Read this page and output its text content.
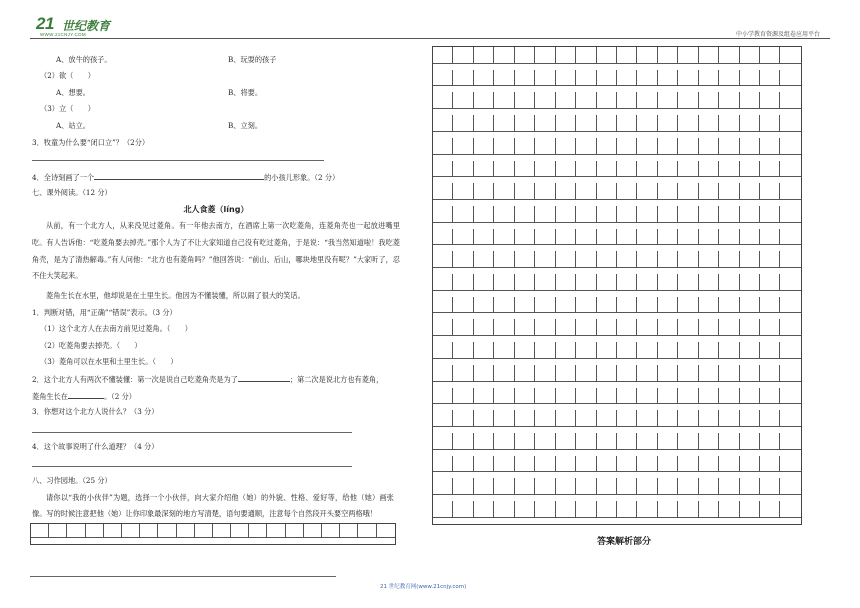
21 世纪教育
WWW.21CNJY.COM	中小学教育资源及组卷应用平台
A、放牛的孩子。	B、玩耍的孩子
（2）欲（　　）
A、想要。	B、将要。
（3）立（　　）
A、站立。	B、立刻。
3．牧童为什么要“闭口立”？（2分）
4．全诗刻画了一个	的小孩儿形象。（2 分）
七、课外阅读。（12 分）
北人食菱（líng）
从前，有一个北方人，从来没见过菱角。有一年他去南方，在酒席上第一次吃菱角，连菱角壳也一起放进嘴里吃。有人告诉他：“吃菱角要去掉壳。”那个人为了不让大家知道自己没有吃过菱角，于是说：“我当然知道啦！我吃菱角壳，是为了清热解毒。”有人问他：“北方也有菱角吗？”他回答说：“前山、后山，哪块地里没有呢？”大家听了，忍不住大笑起来。
菱角生长在水里，他却说是在土里生长。他因为不懂装懂，所以闹了很大的笑话。
1．判断对错，用“正确”“错误”表示。（3 分）
（1）这个北方人在去南方前见过菱角。（　　）
（2）吃菱角要去掉壳。（　　）
（3）菱角可以在水里和土里生长。（　　）
2．这个北方人有两次不懂装懂：第一次是说自己吃菱角壳是为了	；第二次是说北方也有菱角，
菱角生长在	。（2 分）
3．你想对这个北方人说什么？（3 分）
4．这个故事说明了什么道理？（4 分）
八、习作园地。（25 分）
请你以“我的小伙伴”为题，选择一个小伙伴，向大家介绍他（她）的外貌、性格、爱好等，给他（她）画张像。写的时候注意把他（她）让你印象最深刻的地方写清楚，语句要通顺，注意每个自然段开头要空两格哦！
答案解析部分
21 世纪教育网(www.21cnjy.com)
